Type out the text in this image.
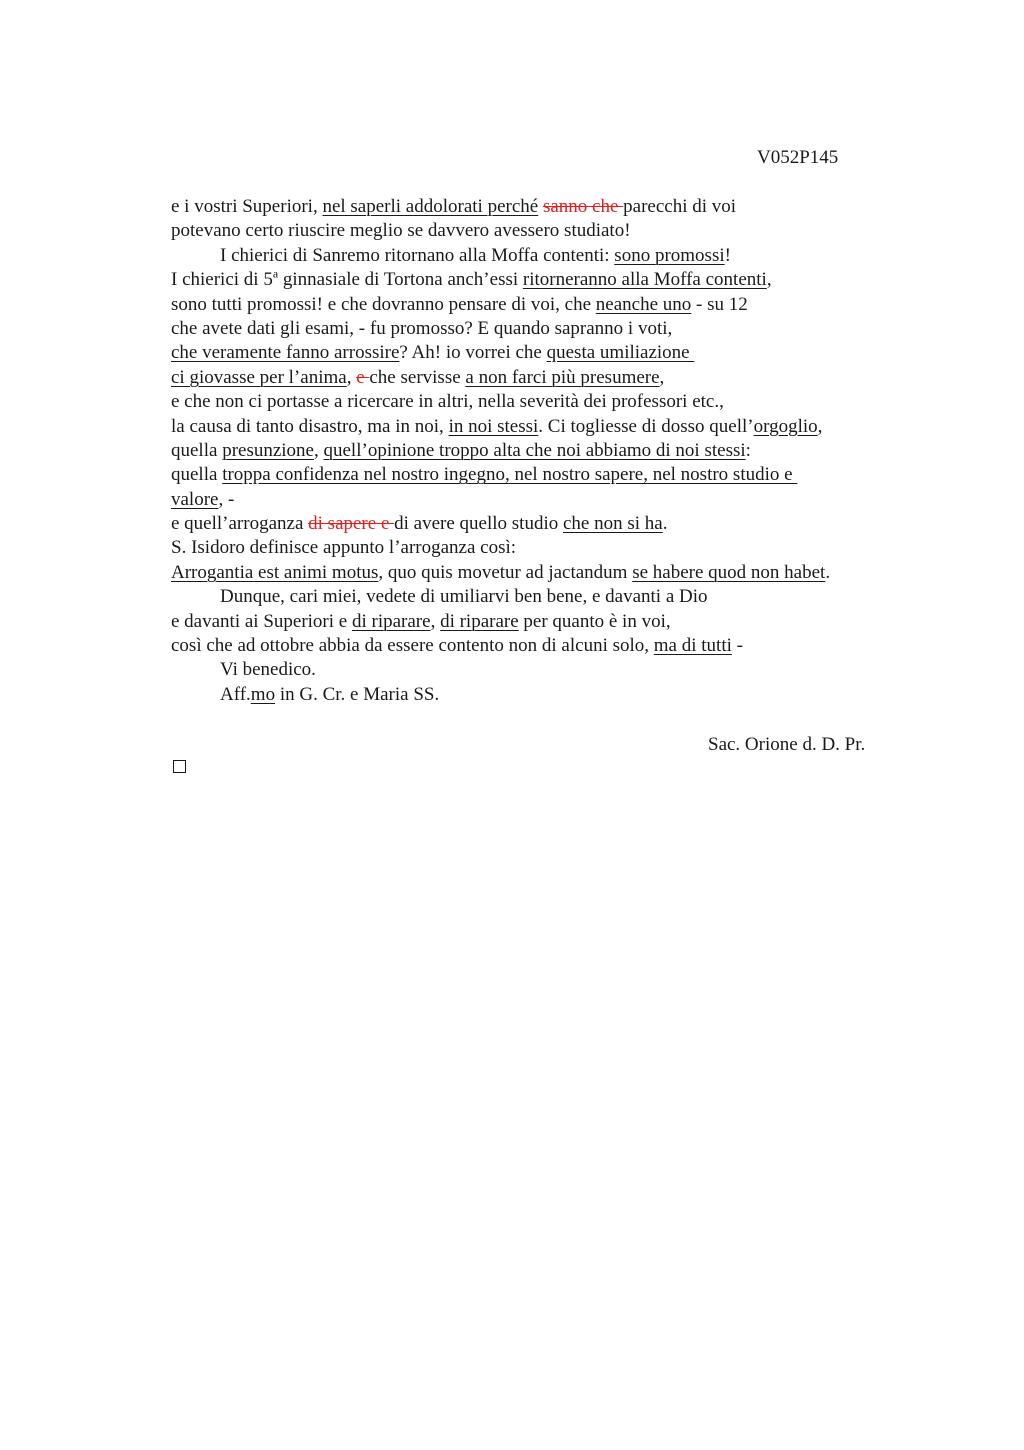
V052P145
e i vostri Superiori, nel saperli addolorati perché sanno che parecchi di voi
potevano certo riuscire meglio se davvero avessero studiato!
I chierici di Sanremo ritornano alla Moffa contenti: sono promossi!
I chierici di 5$^a$ ginnasiale di Tortona anch’essi ritorneranno alla Moffa contenti,
sono tutti promossi! e che dovranno pensare di voi, che neanche uno - su 12
che avete dati gli esami, - fu promosso? E quando sapranno i voti,
che veramente fanno arrossire? Ah! io vorrei che questa umiliazione
ci giovasse per l’anima, e che servisse a non farci più presumere,
e che non ci portasse a ricercare in altri, nella severità dei professori etc.,
la causa di tanto disastro, ma in noi, in noi stessi. Ci togliesse di dosso quell’orgoglio,
quella presunzione, quell’opinione troppo alta che noi abbiamo di noi stessi:
quella troppa confidenza nel nostro ingegno, nel nostro sapere, nel nostro studio e
valore, -
e quell’arroganza di sapere e di avere quello studio che non si ha.
S. Isidoro definisce appunto l’arroganza così:
Arrogantia est animi motus, quo quis movetur ad jactandum se habere quod non habet.
Dunque, cari miei, vedete di umiliarvi ben bene, e davanti a Dio
e davanti ai Superiori e di riparare, di riparare per quanto è in voi,
così che ad ottobre abbia da essere contento non di alcuni solo, ma di tutti -
Vi benedico.
Aff.mo in G. Cr. e Maria SS.
Sac. Orione d. D. Pr.
